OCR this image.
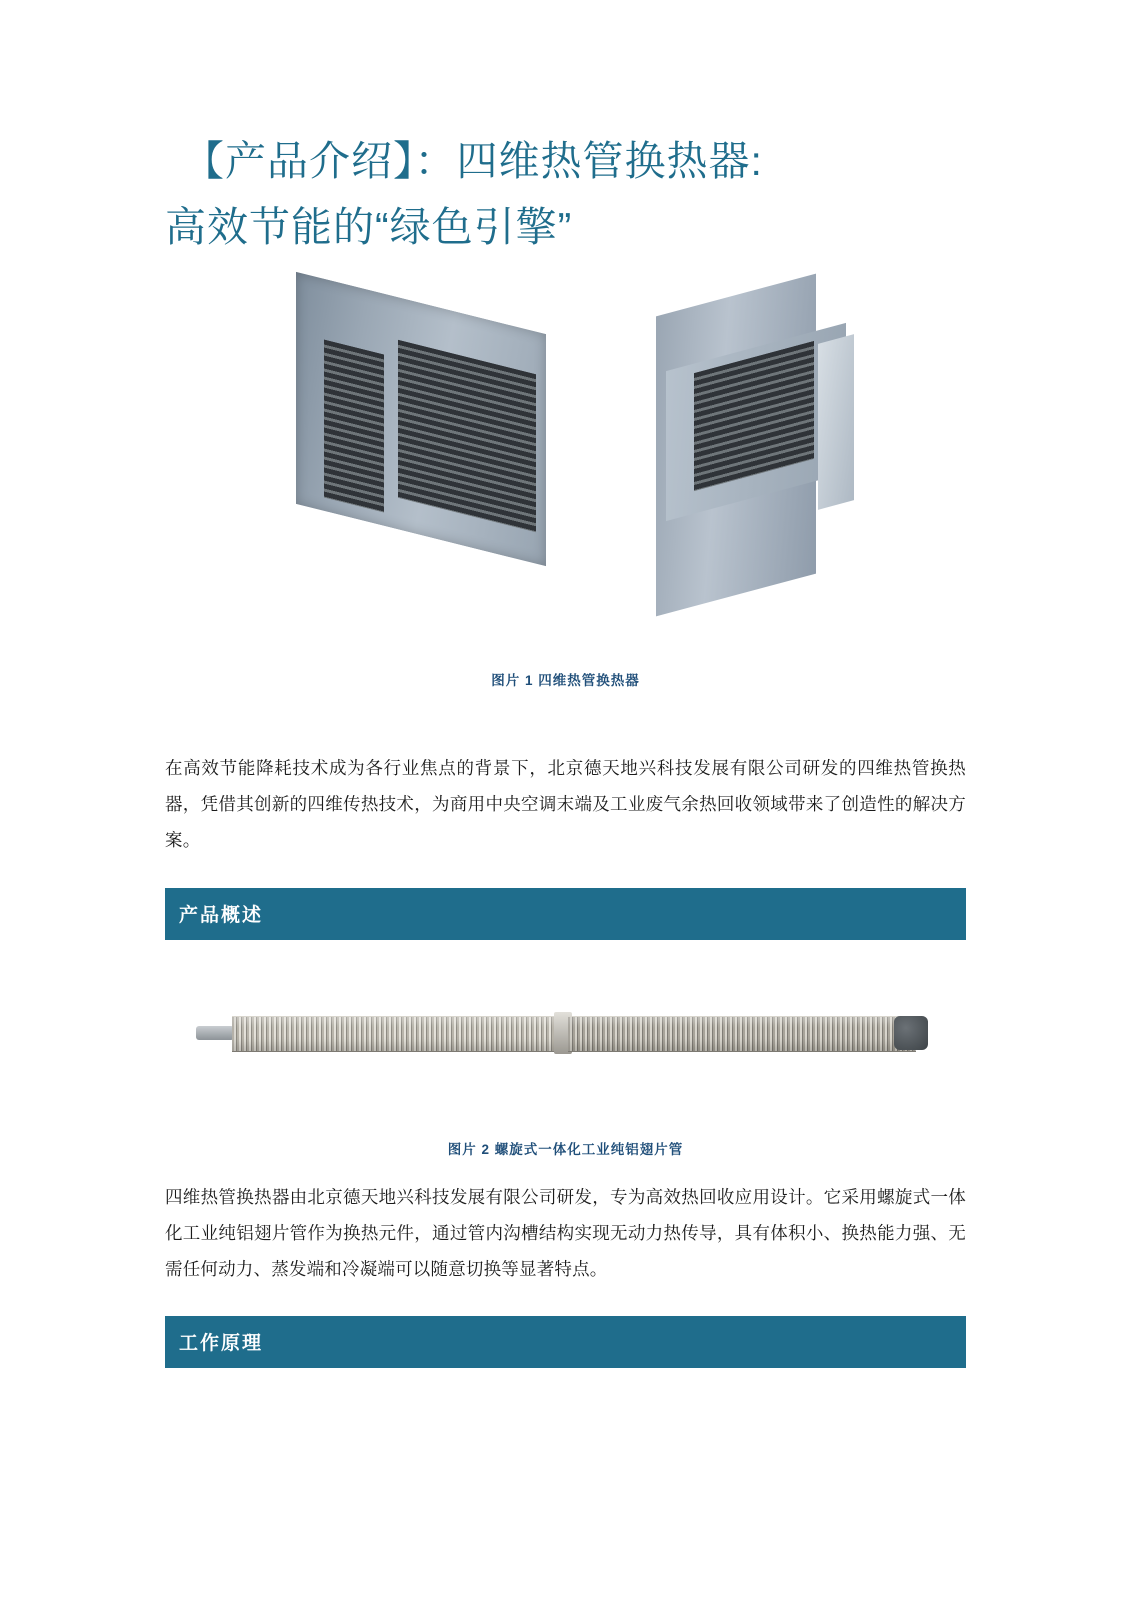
【产品介绍】：四维热管换热器:
高效节能的“绿色引擎”
图片 1 四维热管换热器

在高效节能降耗技术成为各行业焦点的背景下，北京德天地兴科技发展有限公司研发的四维热管换热器，凭借其创新的四维传热技术，为商用中央空调末端及工业废气余热回收领域带来了创造性的解决方案。

产品概述
图片 2 螺旋式一体化工业纯铝翅片管

四维热管换热器由北京德天地兴科技发展有限公司研发，专为高效热回收应用设计。它采用螺旋式一体化工业纯铝翅片管作为换热元件，通过管内沟槽结构实现无动力热传导，具有体积小、换热能力强、无需任何动力、蒸发端和冷凝端可以随意切换等显著特点。

工作原理
